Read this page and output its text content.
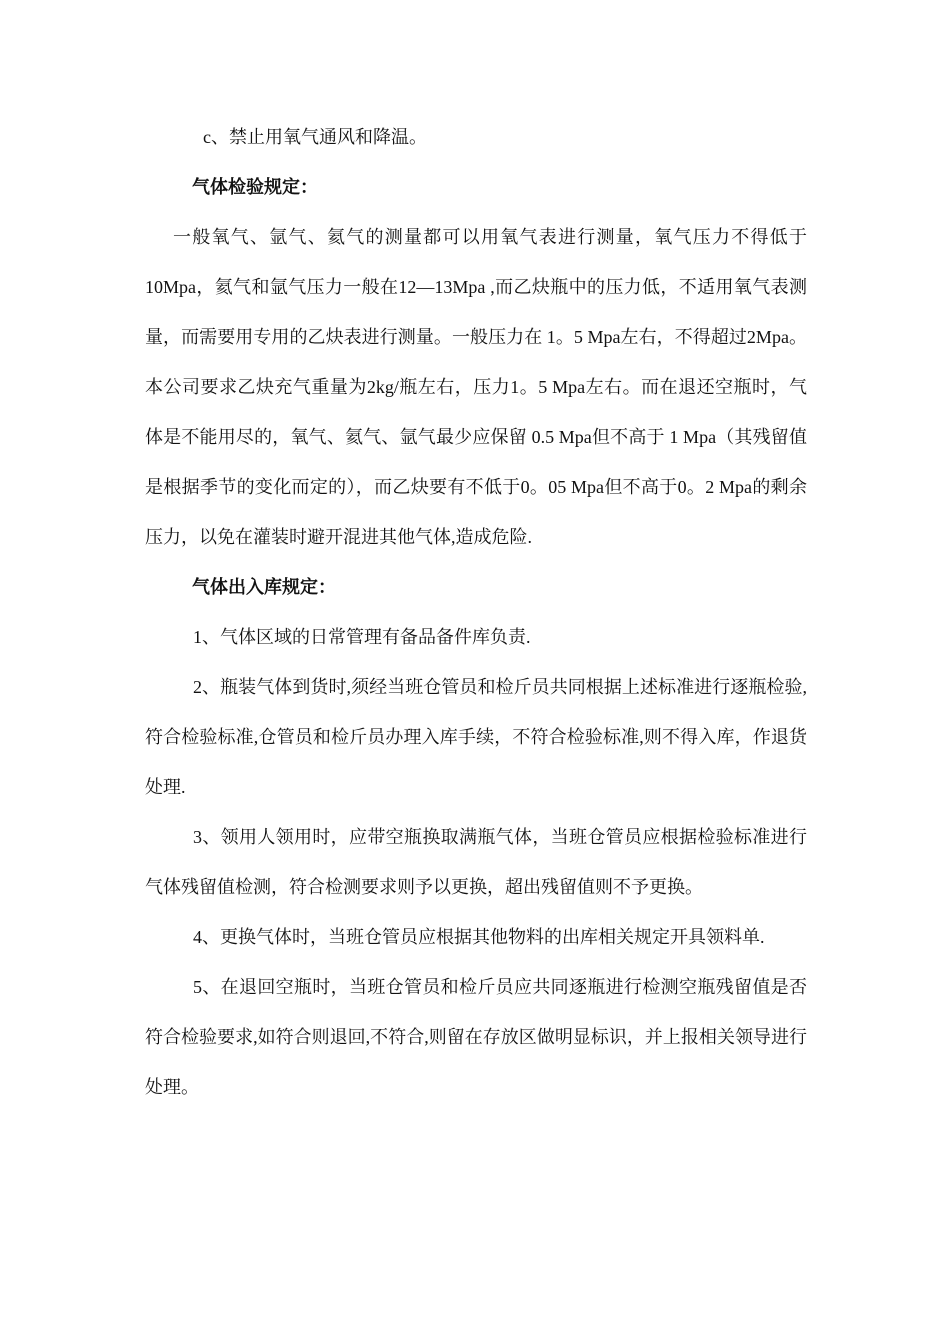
c、禁止用氧气通风和降温。

气体检验规定：

一般氧气、氩气、氦气的测量都可以用氧气表进行测量，氧气压力不得低于10Mpa，氦气和氩气压力一般在12—13Mpa ,而乙炔瓶中的压力低，不适用氧气表测量，而需要用专用的乙炔表进行测量。一般压力在 1。5 Mpa左右，不得超过2Mpa。本公司要求乙炔充气重量为2kg/瓶左右，压力1。5 Mpa左右。而在退还空瓶时，气体是不能用尽的，氧气、氦气、氩气最少应保留 0.5 Mpa但不高于 1 Mpa（其残留值是根据季节的变化而定的），而乙炔要有不低于0。05 Mpa但不高于0。2 Mpa的剩余压力，以免在灌装时避开混进其他气体,造成危险.

气体出入库规定：

1、气体区域的日常管理有备品备件库负责.

2、瓶装气体到货时,须经当班仓管员和检斤员共同根据上述标准进行逐瓶检验,符合检验标准,仓管员和检斤员办理入库手续，不符合检验标准,则不得入库，作退货处理.

3、领用人领用时，应带空瓶换取满瓶气体，当班仓管员应根据检验标准进行气体残留值检测，符合检测要求则予以更换，超出残留值则不予更换。

4、更换气体时，当班仓管员应根据其他物料的出库相关规定开具领料单.

5、在退回空瓶时，当班仓管员和检斤员应共同逐瓶进行检测空瓶残留值是否符合检验要求,如符合则退回,不符合,则留在存放区做明显标识，并上报相关领导进行处理。
